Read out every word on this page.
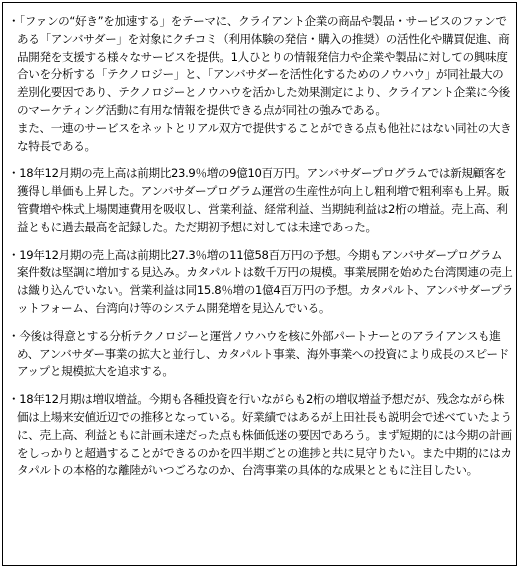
・「ファンの“好き”を加速する」をテーマに、クライアント企業の商品や製品・サービスのファンである「アンバサダー」を対象にクチコミ（利用体験の発信・購入の推奨）の活性化や購買促進、商品開発を支援する様々なサービスを提供。1人ひとりの情報発信力や企業や製品に対しての興味度合いを分析する「テクノロジー」と、「アンバサダーを活性化するためのノウハウ」が同社最大の差別化要因であり、テクノロジーとノウハウを活かした効果測定により、クライアント企業に今後のマーケティング活動に有用な情報を提供できる点が同社の強みである。
また、一連のサービスをネットとリアル双方で提供することができる点も他社にはない同社の大きな特長である。

・18年12月期の売上高は前期比23.9％増の9億10百万円。アンバサダープログラムでは新規顧客を獲得し単価も上昇した。アンバサダープログラム運営の生産性が向上し粗利増で粗利率も上昇。販管費増や株式上場関連費用を吸収し、営業利益、経常利益、当期純利益は2桁の増益。売上高、利益ともに過去最高を記録した。ただ期初予想に対しては未達であった。

・19年12月期の売上高は前期比27.3％増の11億58百万円の予想。今期もアンバサダープログラム案件数は堅調に増加する見込み。カタパルトは数千万円の規模。事業展開を始めた台湾関連の売上は織り込んでいない。営業利益は同15.8％増の1億4百万円の予想。カタパルト、アンバサダープラットフォーム、台湾向け等のシステム開発増を見込んでいる。

・今後は得意とする分析テクノロジーと運営ノウハウを核に外部パートナーとのアライアンスも進め、アンバサダー事業の拡大と並行し、カタパルト事業、海外事業への投資により成長のスピードアップと規模拡大を追求する。

・18年12月期は増収増益。今期も各種投資を行いながらも2桁の増収増益予想だが、残念ながら株価は上場来安値近辺での推移となっている。好業績ではあるが上田社長も説明会で述べていたように、売上高、利益ともに計画未達だった点も株価低迷の要因であろう。まず短期的には今期の計画をしっかりと超過することができるのかを四半期ごとの進捗と共に見守りたい。また中期的にはカタパルトの本格的な離陸がいつごろなのか、台湾事業の具体的な成果とともに注目したい。
